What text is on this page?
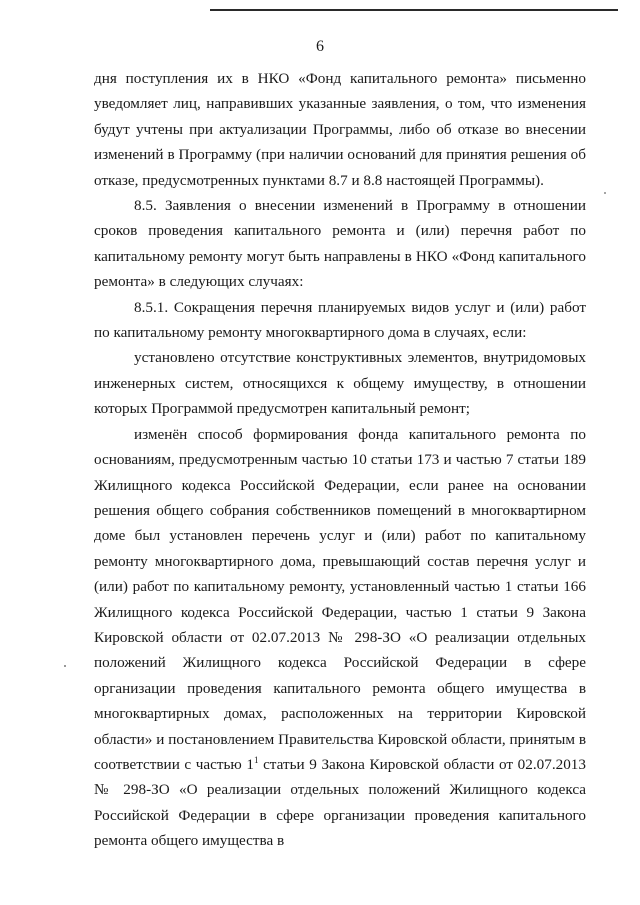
6

дня поступления их в НКО «Фонд капитального ремонта» письменно уведомляет лиц, направивших указанные заявления, о том, что изменения будут учтены при актуализации Программы, либо об отказе во внесении изменений в Программу (при наличии оснований для принятия решения об отказе, предусмотренных пунктами 8.7 и 8.8 настоящей Программы).

8.5. Заявления о внесении изменений в Программу в отношении сроков проведения капитального ремонта и (или) перечня работ по капитальному ремонту могут быть направлены в НКО «Фонд капитального ремонта» в следующих случаях:

8.5.1. Сокращения перечня планируемых видов услуг и (или) работ по капитальному ремонту многоквартирного дома в случаях, если:

установлено отсутствие конструктивных элементов, внутридомовых инженерных систем, относящихся к общему имуществу, в отношении которых Программой предусмотрен капитальный ремонт;

изменён способ формирования фонда капитального ремонта по основаниям, предусмотренным частью 10 статьи 173 и частью 7 статьи 189 Жилищного кодекса Российской Федерации, если ранее на основании решения общего собрания собственников помещений в многоквартирном доме был установлен перечень услуг и (или) работ по капитальному ремонту многоквартирного дома, превышающий состав перечня услуг и (или) работ по капитальному ремонту, установленный частью 1 статьи 166 Жилищного кодекса Российской Федерации, частью 1 статьи 9 Закона Кировской области от 02.07.2013 № 298-ЗО «О реализации отдельных положений Жилищного кодекса Российской Федерации в сфере организации проведения капитального ремонта общего имущества в многоквартирных домах, расположенных на территории Кировской области» и постановлением Правительства Кировской области, принятым в соответствии с частью $1^1$ статьи 9 Закона Кировской области от 02.07.2013 № 298-ЗО «О реализации отдельных положений Жилищного кодекса Российской Федерации в сфере организации проведения капитального ремонта общего имущества в
